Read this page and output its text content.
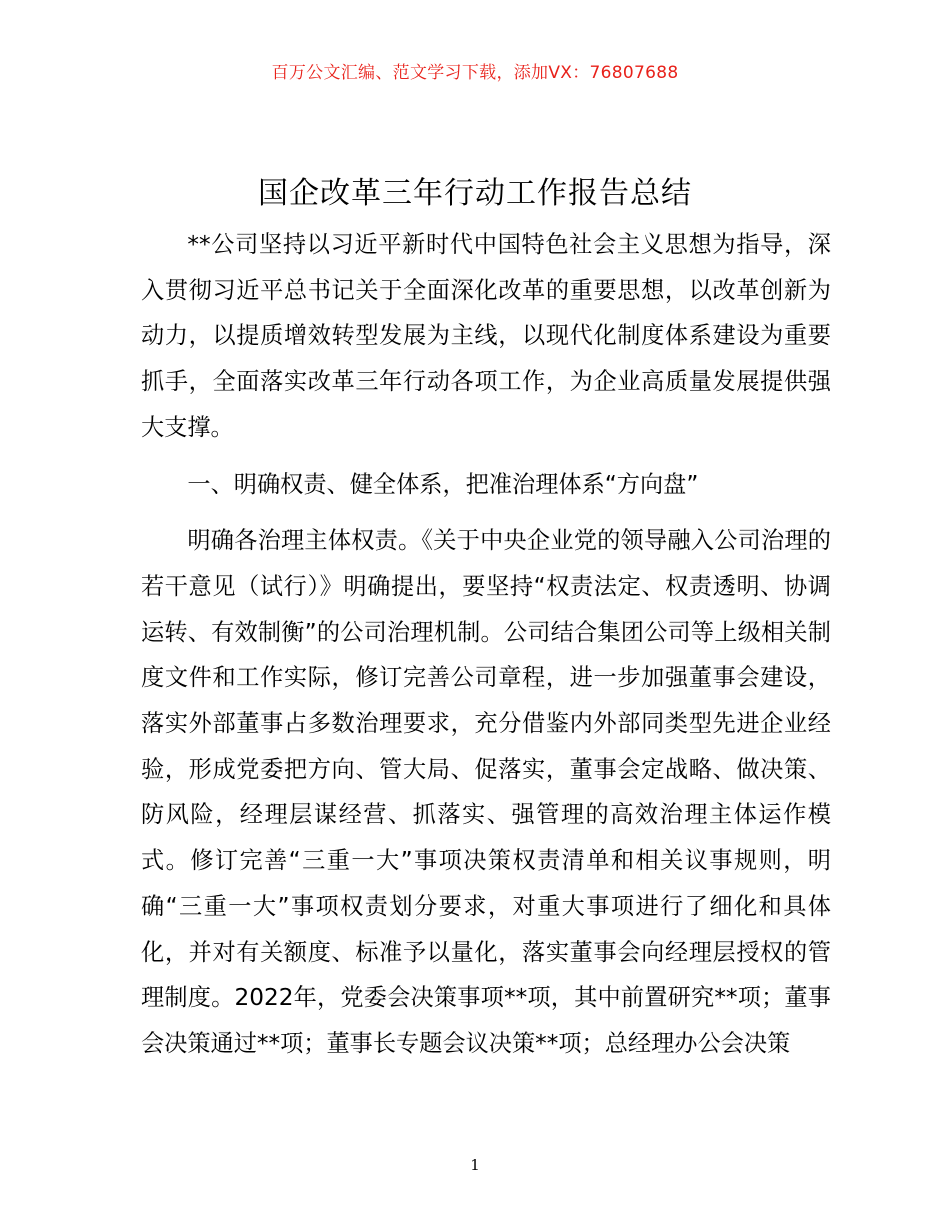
百万公文汇编、范文学习下载，添加VX：76807688
国企改革三年行动工作报告总结

**公司坚持以习近平新时代中国特色社会主义思想为指导，深入贯彻习近平总书记关于全面深化改革的重要思想，以改革创新为动力，以提质增效转型发展为主线，以现代化制度体系建设为重要抓手，全面落实改革三年行动各项工作，为企业高质量发展提供强大支撑。

一、明确权责、健全体系，把准治理体系“方向盘”

明确各治理主体权责。《关于中央企业党的领导融入公司治理的若干意见（试行）》明确提出，要坚持“权责法定、权责透明、协调运转、有效制衡”的公司治理机制。公司结合集团公司等上级相关制度文件和工作实际，修订完善公司章程，进一步加强董事会建设，落实外部董事占多数治理要求，充分借鉴内外部同类型先进企业经验，形成党委把方向、管大局、促落实，董事会定战略、做决策、防风险，经理层谋经营、抓落实、强管理的高效治理主体运作模式。修订完善“三重一大”事项决策权责清单和相关议事规则，明确“三重一大”事项权责划分要求，对重大事项进行了细化和具体化，并对有关额度、标准予以量化，落实董事会向经理层授权的管理制度。2022年，党委会决策事项**项，其中前置研究**项；董事会决策通过**项；董事长专题会议决策**项；总经理办公会决策

1
